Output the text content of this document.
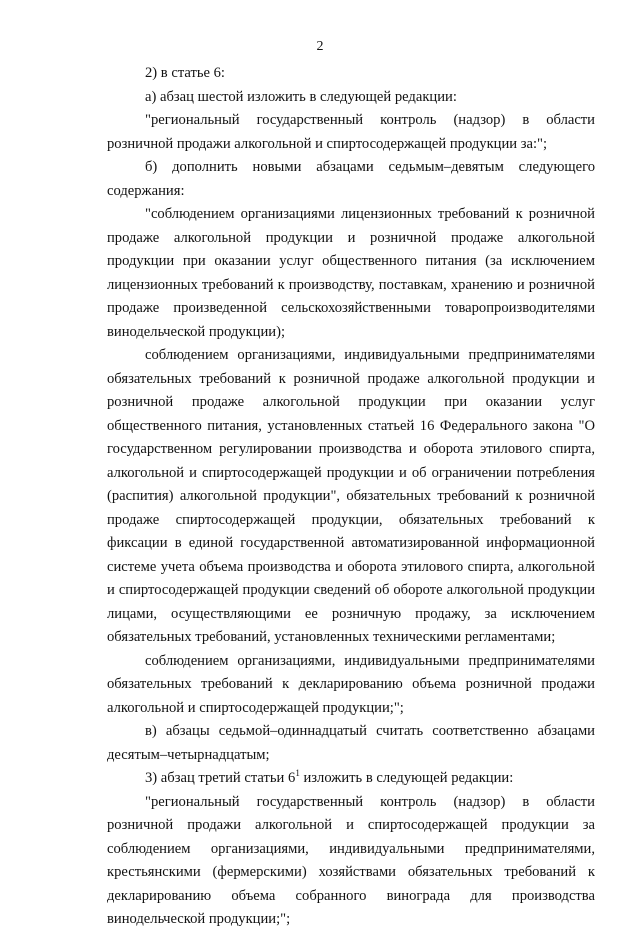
2

2) в статье 6:

а) абзац шестой изложить в следующей редакции:

"региональный государственный контроль (надзор) в области розничной продажи алкогольной и спиртосодержащей продукции за:";

б) дополнить новыми абзацами седьмым–девятым следующего содержания:

"соблюдением организациями лицензионных требований к розничной продаже алкогольной продукции и розничной продаже алкогольной продукции при оказании услуг общественного питания (за исключением лицензионных требований к производству, поставкам, хранению и розничной продаже произведенной сельскохозяйственными товаропроизводителями винодельческой продукции);

соблюдением организациями, индивидуальными предпринимателями обязательных требований к розничной продаже алкогольной продукции и розничной продаже алкогольной продукции при оказании услуг общественного питания, установленных статьей 16 Федерального закона "О государственном регулировании производства и оборота этилового спирта, алкогольной и спиртосодержащей продукции и об ограничении потребления (распития) алкогольной продукции", обязательных требований к розничной продаже спиртосодержащей продукции, обязательных требований к фиксации в единой государственной автоматизированной информационной системе учета объема производства и оборота этилового спирта, алкогольной и спиртосодержащей продукции сведений об обороте алкогольной продукции лицами, осуществляющими ее розничную продажу, за исключением обязательных требований, установленных техническими регламентами;

соблюдением организациями, индивидуальными предпринимателями обязательных требований к декларированию объема розничной продажи алкогольной и спиртосодержащей продукции;";

в) абзацы седьмой–одиннадцатый считать соответственно абзацами десятым–четырнадцатым;

3) абзац третий статьи $6^1$ изложить в следующей редакции:

"региональный государственный контроль (надзор) в области розничной продажи алкогольной и спиртосодержащей продукции за соблюдением организациями, индивидуальными предпринимателями, крестьянскими (фермерскими) хозяйствами обязательных требований к декларированию объема собранного винограда для производства винодельческой продукции;";
